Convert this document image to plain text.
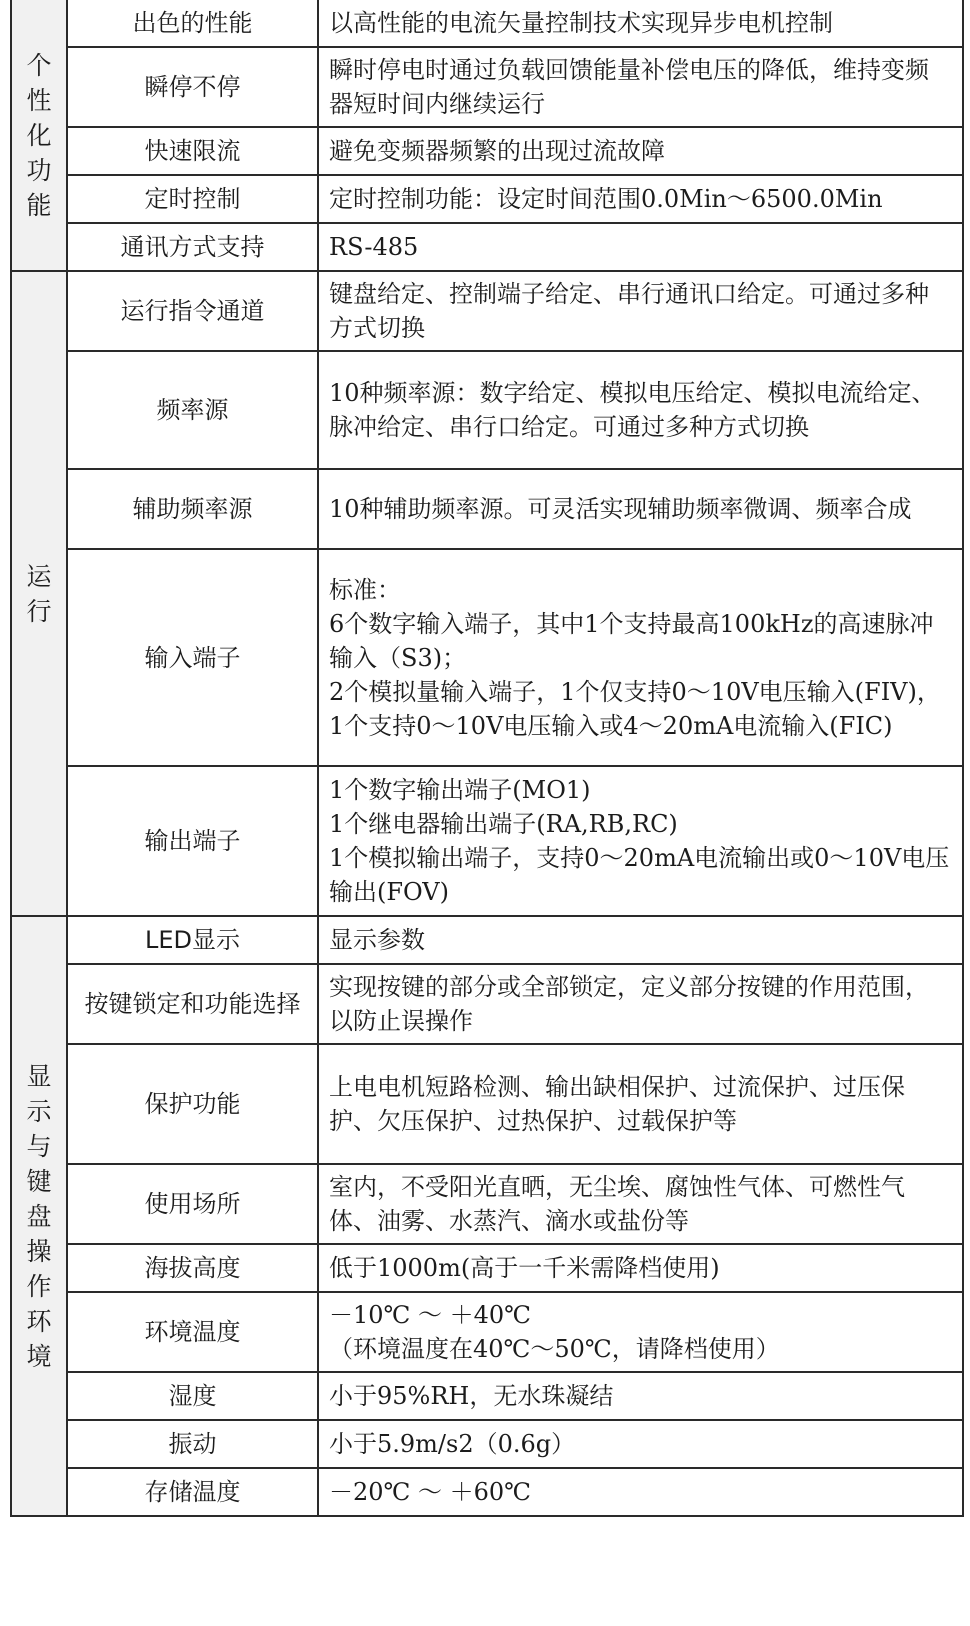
个性化功能	出色的性能	以高性能的电流矢量控制技术实现异步电机控制

	瞬停不停	瞬时停电时通过负载回馈能量补偿电压的降低，维持变频器短时间内继续运行

	快速限流	避免变频器频繁的出现过流故障

	定时控制	定时控制功能：设定时间范围0.0Min～6500.0Min

	通讯方式支持	RS-485

运行	运行指令通道	键盘给定、控制端子给定、串行通讯口给定。可通过多种方式切换

	频率源	10种频率源：数字给定、模拟电压给定、模拟电流给定、脉冲给定、串行口给定。可通过多种方式切换

	辅助频率源	10种辅助频率源。可灵活实现辅助频率微调、频率合成

	输入端子	标准：
6个数字输入端子，其中1个支持最高100kHz的高速脉冲输入（S3)；
2个模拟量输入端子，1个仅支持0～10V电压输入(FIV)，1个支持0～10V电压输入或4～20mA电流输入(FIC)

	输出端子	1个数字输出端子(MO1)
1个继电器输出端子(RA,RB,RC)
1个模拟输出端子，支持0～20mA电流输出或0～10V电压输出(FOV)

显示与键盘操作环境	LED显示	显示参数

	按键锁定和功能选择	实现按键的部分或全部锁定，定义部分按键的作用范围，以防止误操作

	保护功能	上电电机短路检测、输出缺相保护、过流保护、过压保护、欠压保护、过热保护、过载保护等

	使用场所	室内，不受阳光直晒，无尘埃、腐蚀性气体、可燃性气体、油雾、水蒸汽、滴水或盐份等

	海拔高度	低于1000m(高于一千米需降档使用)

	环境温度	－10℃ ～ ＋40℃
（环境温度在40℃～50℃，请降档使用）

	湿度	小于95%RH，无水珠凝结

	振动	小于5.9m/s2（0.6g）

	存储温度	－20℃ ～ ＋60℃
